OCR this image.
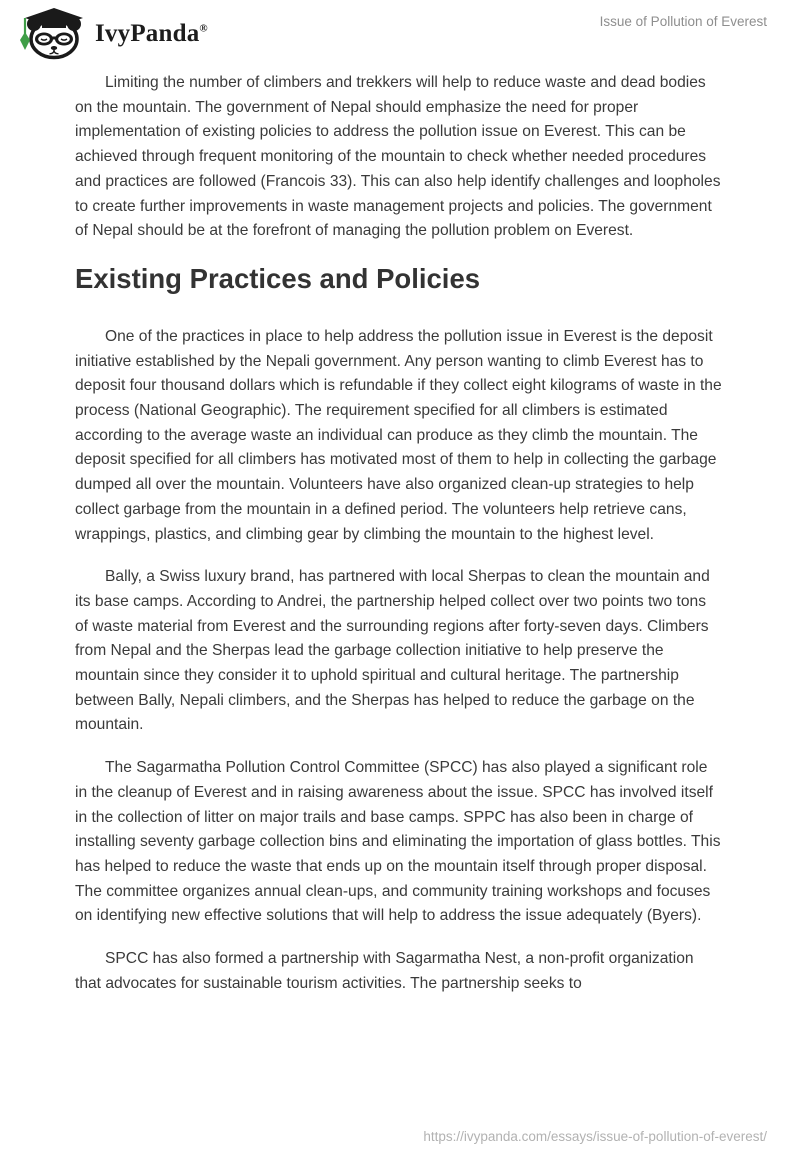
IvyPanda®	Issue of Pollution of Everest

Limiting the number of climbers and trekkers will help to reduce waste and dead bodies on the mountain. The government of Nepal should emphasize the need for proper implementation of existing policies to address the pollution issue on Everest. This can be achieved through frequent monitoring of the mountain to check whether needed procedures and practices are followed (Francois 33). This can also help identify challenges and loopholes to create further improvements in waste management projects and policies. The government of Nepal should be at the forefront of managing the pollution problem on Everest.

Existing Practices and Policies

One of the practices in place to help address the pollution issue in Everest is the deposit initiative established by the Nepali government. Any person wanting to climb Everest has to deposit four thousand dollars which is refundable if they collect eight kilograms of waste in the process (National Geographic). The requirement specified for all climbers is estimated according to the average waste an individual can produce as they climb the mountain. The deposit specified for all climbers has motivated most of them to help in collecting the garbage dumped all over the mountain. Volunteers have also organized clean-up strategies to help collect garbage from the mountain in a defined period. The volunteers help retrieve cans, wrappings, plastics, and climbing gear by climbing the mountain to the highest level.

Bally, a Swiss luxury brand, has partnered with local Sherpas to clean the mountain and its base camps. According to Andrei, the partnership helped collect over two points two tons of waste material from Everest and the surrounding regions after forty-seven days. Climbers from Nepal and the Sherpas lead the garbage collection initiative to help preserve the mountain since they consider it to uphold spiritual and cultural heritage. The partnership between Bally, Nepali climbers, and the Sherpas has helped to reduce the garbage on the mountain.

The Sagarmatha Pollution Control Committee (SPCC) has also played a significant role in the cleanup of Everest and in raising awareness about the issue. SPCC has involved itself in the collection of litter on major trails and base camps. SPPC has also been in charge of installing seventy garbage collection bins and eliminating the importation of glass bottles. This has helped to reduce the waste that ends up on the mountain itself through proper disposal. The committee organizes annual clean-ups, and community training workshops and focuses on identifying new effective solutions that will help to address the issue adequately (Byers).

SPCC has also formed a partnership with Sagarmatha Nest, a non-profit organization that advocates for sustainable tourism activities. The partnership seeks to

https://ivypanda.com/essays/issue-of-pollution-of-everest/
